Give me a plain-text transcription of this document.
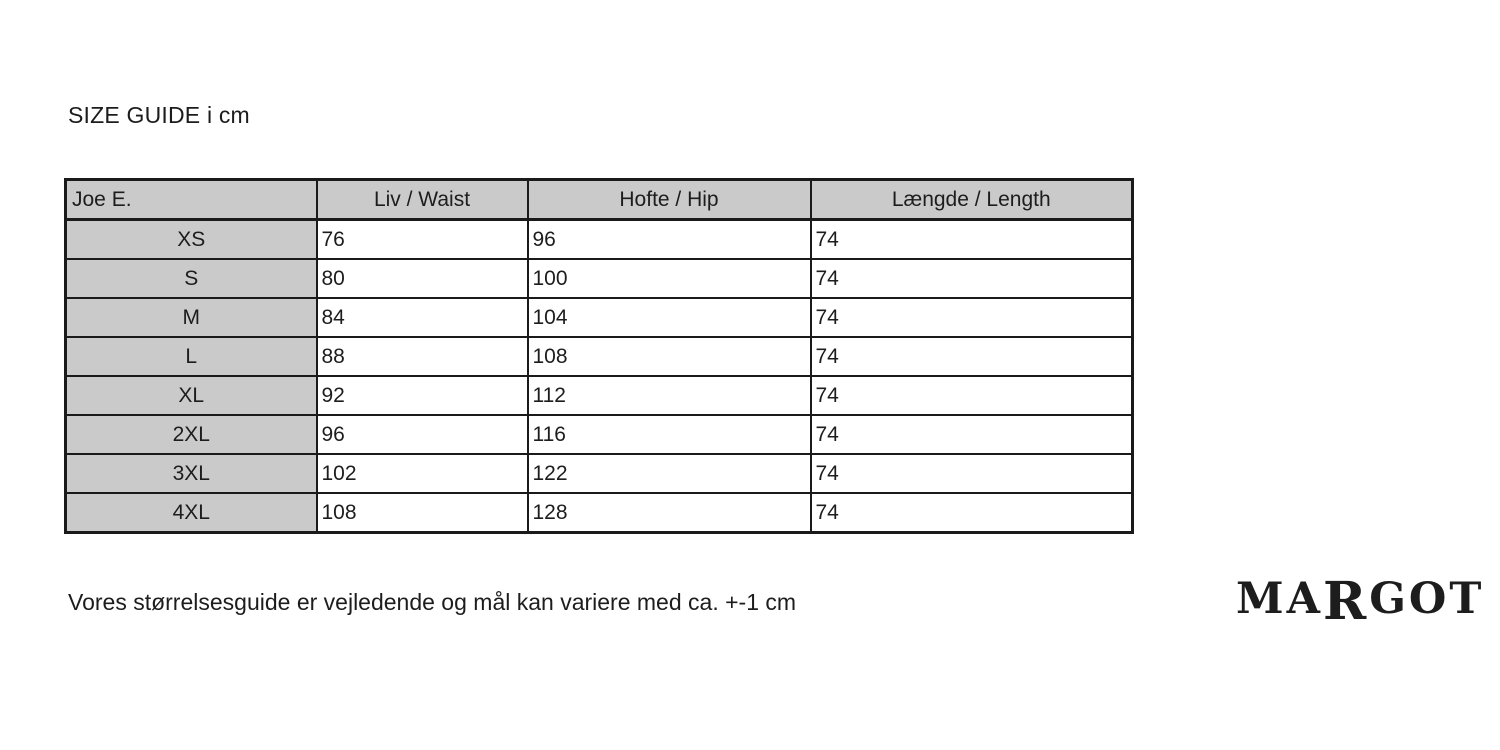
SIZE GUIDE i cm
Joe E.	Liv / Waist	Hofte / Hip	Længde / Length
XS	76	96	74
S	80	100	74
M	84	104	74
L	88	108	74
XL	92	112	74
2XL	96	116	74
3XL	102	122	74
4XL	108	128	74

Vores størrelsesguide er vejledende og mål kan variere med ca. +-1 cm	MARGOT
